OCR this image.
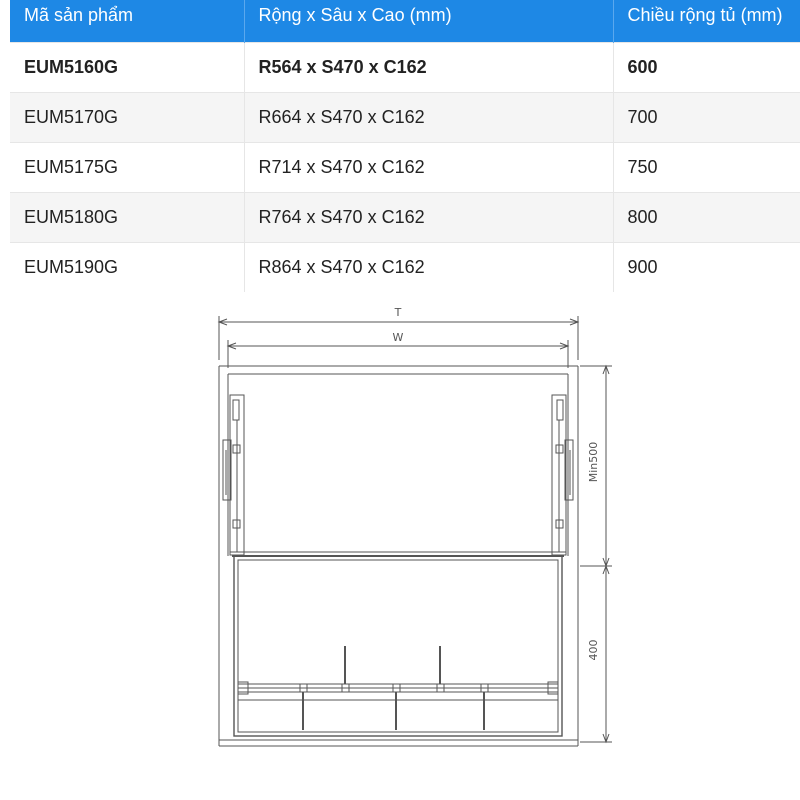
Mã sản phẩm	Rộng x Sâu x Cao (mm)	Chiều rộng tủ (mm)
EUM5160G	R564 x S470 x C162	600
EUM5170G	R664 x S470 x C162	700
EUM5175G	R714 x S470 x C162	750
EUM5180G	R764 x S470 x C162	800
EUM5190G	R864 x S470 x C162	900
T
W
Min500
400
